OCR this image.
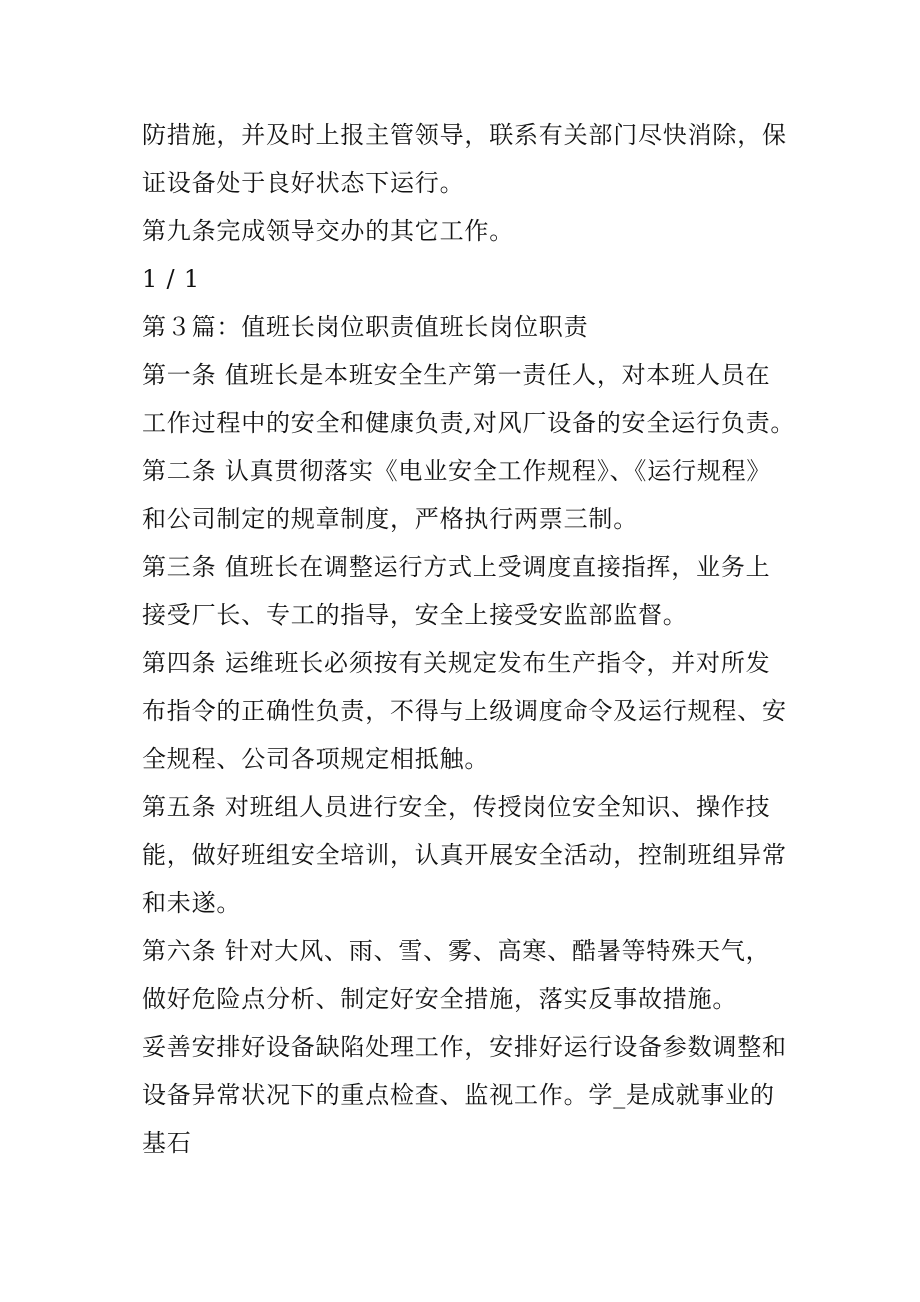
防措施，并及时上报主管领导，联系有关部门尽快消除，保
证设备处于良好状态下运行。
第九条完成领导交办的其它工作。
1 / 1
第３篇：值班长岗位职责值班长岗位职责
第一条 值班长是本班安全生产第一责任人，对本班人员在
工作过程中的安全和健康负责,对风厂设备的安全运行负责。
第二条 认真贯彻落实《电业安全工作规程》、《运行规程》
和公司制定的规章制度，严格执行两票三制。
第三条 值班长在调整运行方式上受调度直接指挥，业务上
接受厂长、专工的指导，安全上接受安监部监督。
第四条 运维班长必须按有关规定发布生产指令，并对所发
布指令的正确性负责，不得与上级调度命令及运行规程、安
全规程、公司各项规定相抵触。
第五条 对班组人员进行安全，传授岗位安全知识、操作技
能，做好班组安全培训，认真开展安全活动，控制班组异常
和未遂。
第六条 针对大风、雨、雪、雾、高寒、酷暑等特殊天气，
做好危险点分析、制定好安全措施，落实反事故措施。
妥善安排好设备缺陷处理工作，安排好运行设备参数调整和
设备异常状况下的重点检查、监视工作。学_是成就事业的
基石
